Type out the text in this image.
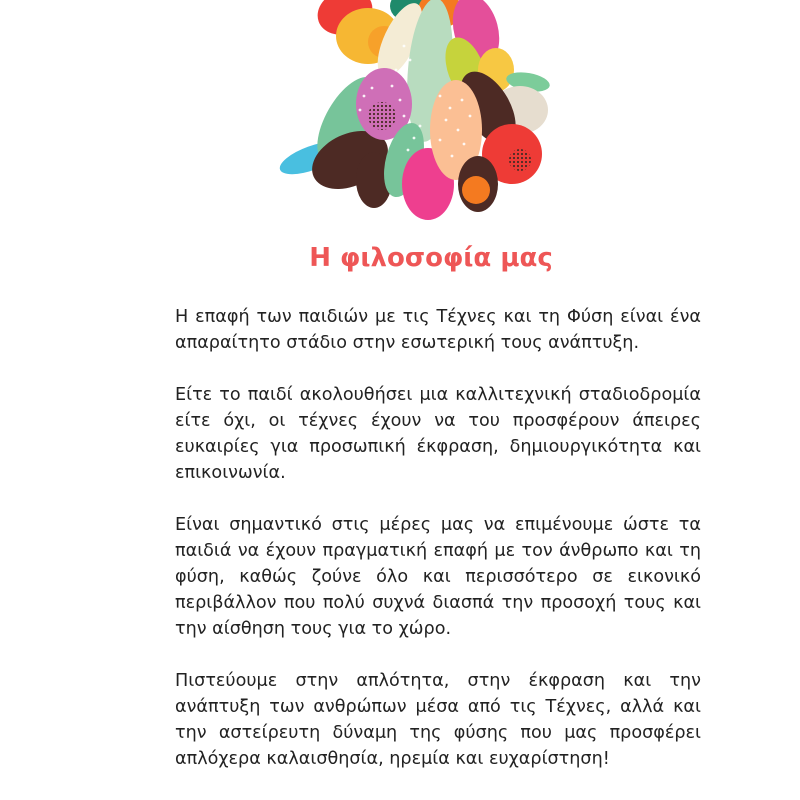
Η φιλοσοφία μας

Η επαφή των παιδιών με τις Τέχνες και τη Φύση είναι ένα απαραίτητο στάδιο στην εσωτερική τους ανάπτυξη.

Είτε το παιδί ακολουθήσει μια καλλιτεχνική σταδιοδρομία είτε όχι, οι τέχνες έχουν να του προσφέρουν άπειρες ευκαιρίες για προσωπική έκφραση, δημιουργικότητα και επικοινωνία.

Είναι σημαντικό στις μέρες μας να επιμένουμε ώστε τα παιδιά να έχουν πραγματική επαφή με τον άνθρωπο και τη φύση, καθώς ζούνε όλο και περισσότερο σε εικονικό περιβάλλον που πολύ συχνά διασπά την προσοχή τους και την αίσθηση τους για το χώρο.

Πιστεύουμε στην απλότητα, στην έκφραση και την ανάπτυξη των ανθρώπων μέσα από τις Τέχνες, αλλά και την αστείρευτη δύναμη της φύσης που μας προσφέρει απλόχερα καλαισθησία, ηρεμία και ευχαρίστηση!
